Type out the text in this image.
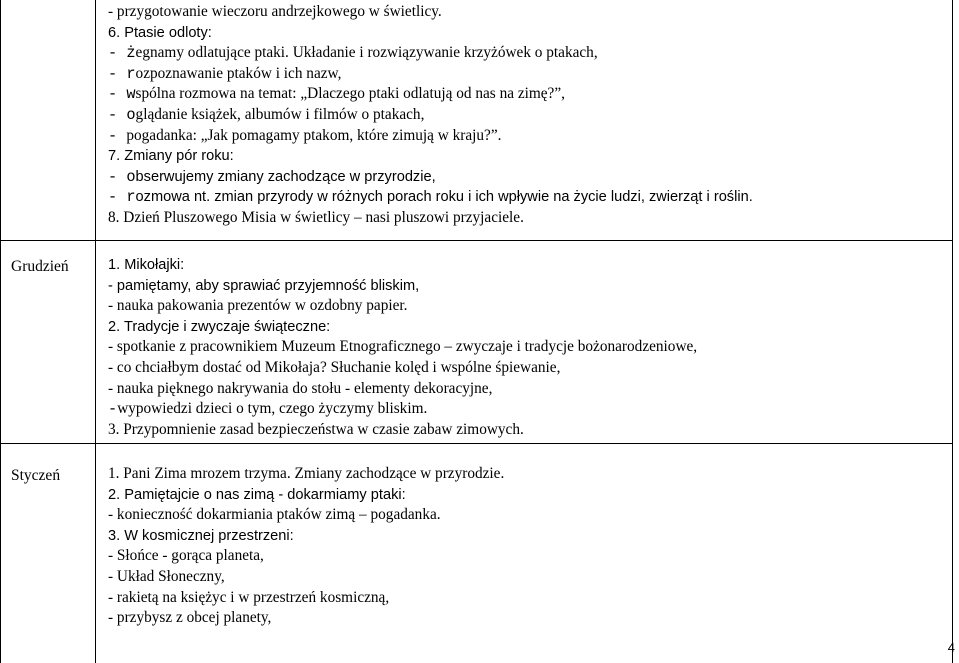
- przygotowanie wieczoru andrzejkowego w świetlicy.
6. Ptasie odloty:
- żegnamy odlatujące ptaki. Układanie i rozwiązywanie krzyżówek o ptakach,
- rozpoznawanie ptaków i ich nazw,
- wspólna rozmowa na temat: „Dlaczego ptaki odlatują od nas na zimę?”,
- oglądanie książek, albumów i filmów o ptakach,
- pogadanka: „Jak pomagamy ptakom, które zimują w kraju?”.
7. Zmiany pór roku:
- obserwujemy zmiany zachodzące w przyrodzie,
- rozmowa nt. zmian przyrody w różnych porach roku i ich wpływie na życie ludzi, zwierząt i roślin.
8. Dzień Pluszowego Misia w świetlicy – nasi pluszowi przyjaciele.
Grudzień	1. Mikołajki:
- pamiętamy, aby sprawiać przyjemność bliskim,
- nauka pakowania prezentów w ozdobny papier.
2. Tradycje i zwyczaje świąteczne:
- spotkanie z pracownikiem Muzeum Etnograficznego – zwyczaje i tradycje bożonarodzeniowe,
- co chciałbym dostać od Mikołaja? Słuchanie kolęd i wspólne śpiewanie,
- nauka pięknego nakrywania do stołu - elementy dekoracyjne,
-wypowiedzi dzieci o tym, czego życzymy bliskim.
3. Przypomnienie zasad bezpieczeństwa w czasie zabaw zimowych.
Styczeń	1. Pani Zima mrozem trzyma. Zmiany zachodzące w przyrodzie.
2. Pamiętajcie o nas zimą - dokarmiamy ptaki:
- konieczność dokarmiania ptaków zimą – pogadanka.
3. W kosmicznej przestrzeni:
- Słońce - gorąca planeta,
- Układ Słoneczny,
- rakietą na księżyc i w przestrzeń kosmiczną,
- przybysz z obcej planety,
4
